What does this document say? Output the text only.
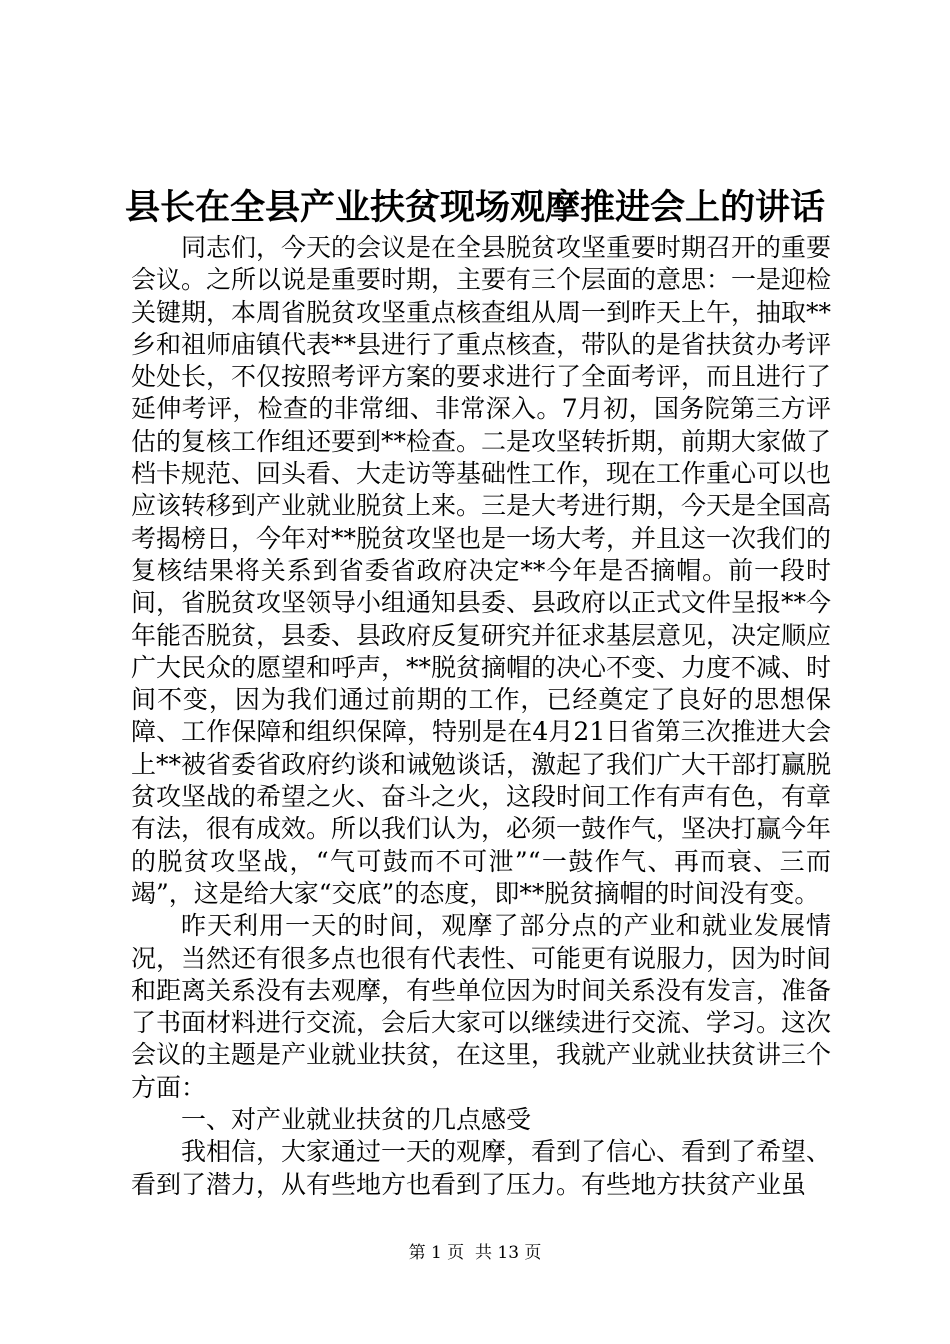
县长在全县产业扶贫现场观摩推进会上的讲话

同志们，今天的会议是在全县脱贫攻坚重要时期召开的重要会议。之所以说是重要时期，主要有三个层面的意思：一是迎检关键期，本周省脱贫攻坚重点核查组从周一到昨天上午，抽取**乡和祖师庙镇代表**县进行了重点核查，带队的是省扶贫办考评处处长，不仅按照考评方案的要求进行了全面考评，而且进行了延伸考评，检查的非常细、非常深入。7月初，国务院第三方评估的复核工作组还要到**检查。二是攻坚转折期，前期大家做了档卡规范、回头看、大走访等基础性工作，现在工作重心可以也应该转移到产业就业脱贫上来。三是大考进行期，今天是全国高考揭榜日，今年对**脱贫攻坚也是一场大考，并且这一次我们的复核结果将关系到省委省政府决定**今年是否摘帽。前一段时间，省脱贫攻坚领导小组通知县委、县政府以正式文件呈报**今年能否脱贫，县委、县政府反复研究并征求基层意见，决定顺应广大民众的愿望和呼声，**脱贫摘帽的决心不变、力度不减、时间不变，因为我们通过前期的工作，已经奠定了良好的思想保障、工作保障和组织保障，特别是在4月21日省第三次推进大会上**被省委省政府约谈和诫勉谈话，激起了我们广大干部打赢脱贫攻坚战的希望之火、奋斗之火，这段时间工作有声有色，有章有法，很有成效。所以我们认为，必须一鼓作气，坚决打赢今年的脱贫攻坚战，“气可鼓而不可泄”“一鼓作气、再而衰、三而竭”，这是给大家“交底”的态度，即**脱贫摘帽的时间没有变。

昨天利用一天的时间，观摩了部分点的产业和就业发展情况，当然还有很多点也很有代表性、可能更有说服力，因为时间和距离关系没有去观摩，有些单位因为时间关系没有发言，准备了书面材料进行交流，会后大家可以继续进行交流、学习。这次会议的主题是产业就业扶贫，在这里，我就产业就业扶贫讲三个方面：

一、对产业就业扶贫的几点感受

我相信，大家通过一天的观摩，看到了信心、看到了希望、看到了潜力，从有些地方也看到了压力。有些地方扶贫产业虽

第 1 页  共 13 页
